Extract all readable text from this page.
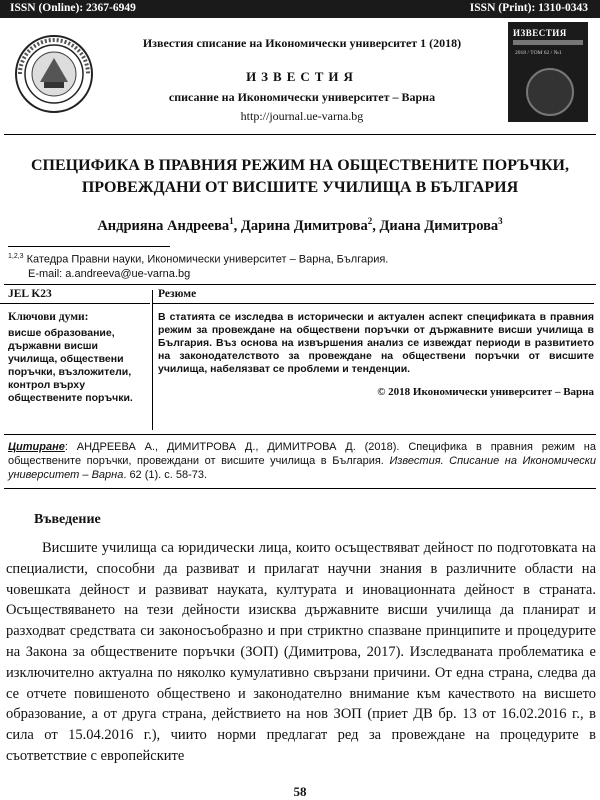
ISSN (Online): 2367-6949	ISSN (Print): 1310-0343
Известия списание на Икономически университет 1 (2018)
ИЗВЕСТИЯ
списание на Икономически университет – Варна
http://journal.ue-varna.bg
ИЗВЕСТИЯ
2018 / ТОМ 62 / №1
СПЕЦИФИКА В ПРАВНИЯ РЕЖИМ НА ОБЩЕСТВЕНИТЕ ПОРЪЧКИ,
ПРОВЕЖДАНИ ОТ ВИСШИТЕ УЧИЛИЩА В БЪЛГАРИЯ
Андрияна Андреева$^1$, Дарина Димитрова$^2$, Диана Димитрова$^3$
$^{1,2,3}$ Катедра Правни науки, Икономически университет – Варна, България.
E-mail: a.andreeva@ue-varna.bg
JEL K23
Ключови думи:
висше образование, държавни висши училища, обществени поръчки, възложители, контрол върху обществените поръчки.
Резюме
В статията се изследва в исторически и актуален аспект спецификата в правния режим за провеждане на обществени поръчки от държавните висши училища в България. Въз основа на извършения анализ се извеждат периоди в развитието на законодателството за провеждане на обществени поръчки от висшите училища, набелязват се проблеми и тенденции.
© 2018 Икономически университет – Варна
Цитиране: АНДРЕЕВА А., ДИМИТРОВА Д., ДИМИТРОВА Д. (2018). Специфика в правния режим на обществените поръчки, провеждани от висшите училища в България. Известия. Списание на Икономически университет – Варна. 62 (1). с. 58-73.
Въведение
Висшите училища са юридически лица, които осъществяват дейност по подготовката на специалисти, способни да развиват и прилагат научни знания в различните области на човешката дейност и развиват науката, културата и иновационната дейност в страната. Осъществяването на тези дейности изисква държавните висши училища да планират и разходват средствата си законосъобразно и при стриктно спазване принципите и процедурите на Закона за обществените поръчки (ЗОП) (Димитрова, 2017). Изследваната проблематика е изключително актуална по няколко кумулативно свързани причини. От една страна, следва да се отчете повишеното обществено и законодателно внимание към качеството на висшето образование, а от друга страна, действието на нов ЗОП (приет ДВ бр. 13 от 16.02.2016 г., в сила от 15.04.2016 г.), чиито норми предлагат ред за провеждане на процедурите в съответствие с европейските
58
